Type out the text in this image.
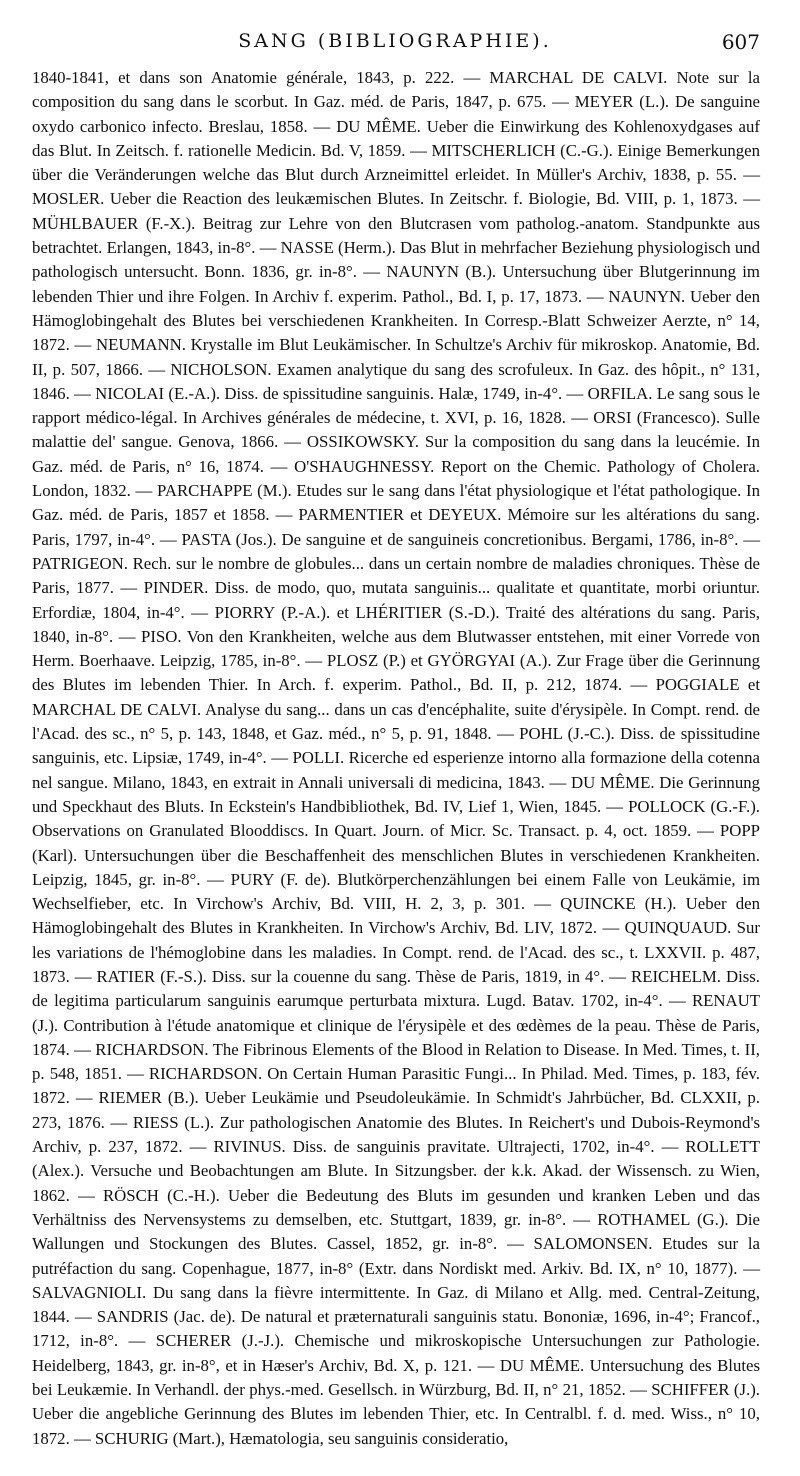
SANG (BIBLIOGRAPHIE).	607

1840-1841, et dans son Anatomie générale, 1843, p. 222. — MARCHAL DE CALVI. Note sur la composition du sang dans le scorbut. In Gaz. méd. de Paris, 1847, p. 675. — MEYER (L.). De sanguine oxydo carbonico infecto. Breslau, 1858. — DU MÊME. Ueber die Einwirkung des Kohlenoxydgases auf das Blut. In Zeitsch. f. rationelle Medicin. Bd. V, 1859. — MITSCHERLICH (C.-G.). Einige Bemerkungen über die Veränderungen welche das Blut durch Arzneimittel erleidet. In Müller's Archiv, 1838, p. 55. — MOSLER. Ueber die Reaction des leukæmischen Blutes. In Zeitschr. f. Biologie, Bd. VIII, p. 1, 1873. — MÜHLBAUER (F.-X.). Beitrag zur Lehre von den Blutcrasen vom patholog.-anatom. Standpunkte aus betrachtet. Erlangen, 1843, in-8°. — NASSE (Herm.). Das Blut in mehrfacher Beziehung physiologisch und pathologisch untersucht. Bonn. 1836, gr. in-8°. — NAUNYN (B.). Untersuchung über Blutgerinnung im lebenden Thier und ihre Folgen. In Archiv f. experim. Pathol., Bd. I, p. 17, 1873. — NAUNYN. Ueber den Hämoglobingehalt des Blutes bei verschiedenen Krankheiten. In Corresp.-Blatt Schweizer Aerzte, n° 14, 1872. — NEUMANN. Krystalle im Blut Leukämischer. In Schultze's Archiv für mikroskop. Anatomie, Bd. II, p. 507, 1866. — NICHOLSON. Examen analytique du sang des scrofuleux. In Gaz. des hôpit., n° 131, 1846. — NICOLAI (E.-A.). Diss. de spissitudine sanguinis. Halæ, 1749, in-4°. — ORFILA. Le sang sous le rapport médico-légal. In Archives générales de médecine, t. XVI, p. 16, 1828. — ORSI (Francesco). Sulle malattie del' sangue. Genova, 1866. — OSSIKOWSKY. Sur la composition du sang dans la leucémie. In Gaz. méd. de Paris, n° 16, 1874. — O'SHAUGHNESSY. Report on the Chemic. Pathology of Cholera. London, 1832. — PARCHAPPE (M.). Etudes sur le sang dans l'état physiologique et l'état pathologique. In Gaz. méd. de Paris, 1857 et 1858. — PARMENTIER et DEYEUX. Mémoire sur les altérations du sang. Paris, 1797, in-4°. — PASTA (Jos.). De sanguine et de sanguineis concretionibus. Bergami, 1786, in-8°. — PATRIGEON. Rech. sur le nombre de globules... dans un certain nombre de maladies chroniques. Thèse de Paris, 1877. — PINDER. Diss. de modo, quo, mutata sanguinis... qualitate et quantitate, morbi oriuntur. Erfordiæ, 1804, in-4°. — PIORRY (P.-A.). et LHÉRITIER (S.-D.). Traité des altérations du sang. Paris, 1840, in-8°. — PISO. Von den Krankheiten, welche aus dem Blutwasser entstehen, mit einer Vorrede von Herm. Boerhaave. Leipzig, 1785, in-8°. — PLOSZ (P.) et GYÖRGYAI (A.). Zur Frage über die Gerinnung des Blutes im lebenden Thier. In Arch. f. experim. Pathol., Bd. II, p. 212, 1874. — POGGIALE et MARCHAL DE CALVI. Analyse du sang... dans un cas d'encéphalite, suite d'érysipèle. In Compt. rend. de l'Acad. des sc., n° 5, p. 143, 1848, et Gaz. méd., n° 5, p. 91, 1848. — POHL (J.-C.). Diss. de spissitudine sanguinis, etc. Lipsiæ, 1749, in-4°. — POLLI. Ricerche ed esperienze intorno alla formazione della cotenna nel sangue. Milano, 1843, en extrait in Annali universali di medicina, 1843. — DU MÊME. Die Gerinnung und Speckhaut des Bluts. In Eckstein's Handbibliothek, Bd. IV, Lief 1, Wien, 1845. — POLLOCK (G.-F.). Observations on Granulated Blooddiscs. In Quart. Journ. of Micr. Sc. Transact. p. 4, oct. 1859. — POPP (Karl). Untersuchungen über die Beschaffenheit des menschlichen Blutes in verschiedenen Krankheiten. Leipzig, 1845, gr. in-8°. — PURY (F. de). Blutkörperchenzählungen bei einem Falle von Leukämie, im Wechselfieber, etc. In Virchow's Archiv, Bd. VIII, H. 2, 3, p. 301. — QUINCKE (H.). Ueber den Hämoglobingehalt des Blutes in Krankheiten. In Virchow's Archiv, Bd. LIV, 1872. — QUINQUAUD. Sur les variations de l'hémoglobine dans les maladies. In Compt. rend. de l'Acad. des sc., t. LXXVII. p. 487, 1873. — RATIER (F.-S.). Diss. sur la couenne du sang. Thèse de Paris, 1819, in 4°. — REICHELM. Diss. de legitima particularum sanguinis earumque perturbata mixtura. Lugd. Batav. 1702, in-4°. — RENAUT (J.). Contribution à l'étude anatomique et clinique de l'érysipèle et des œdèmes de la peau. Thèse de Paris, 1874. — RICHARDSON. The Fibrinous Elements of the Blood in Relation to Disease. In Med. Times, t. II, p. 548, 1851. — RICHARDSON. On Certain Human Parasitic Fungi... In Philad. Med. Times, p. 183, fév. 1872. — RIEMER (B.). Ueber Leukämie und Pseudoleukämie. In Schmidt's Jahrbücher, Bd. CLXXII, p. 273, 1876. — RIESS (L.). Zur pathologischen Anatomie des Blutes. In Reichert's und Dubois-Reymond's Archiv, p. 237, 1872. — RIVINUS. Diss. de sanguinis pravitate. Ultrajecti, 1702, in-4°. — ROLLETT (Alex.). Versuche und Beobachtungen am Blute. In Sitzungsber. der k.k. Akad. der Wissensch. zu Wien, 1862. — RÖSCH (C.-H.). Ueber die Bedeutung des Bluts im gesunden und kranken Leben und das Verhältniss des Nervensystems zu demselben, etc. Stuttgart, 1839, gr. in-8°. — ROTHAMEL (G.). Die Wallungen und Stockungen des Blutes. Cassel, 1852, gr. in-8°. — SALOMONSEN. Etudes sur la putréfaction du sang. Copenhague, 1877, in-8° (Extr. dans Nordiskt med. Arkiv. Bd. IX, n° 10, 1877). — SALVAGNIOLI. Du sang dans la fièvre intermittente. In Gaz. di Milano et Allg. med. Central-Zeitung, 1844. — SANDRIS (Jac. de). De natural et præternaturali sanguinis statu. Bononiæ, 1696, in-4°; Francof., 1712, in-8°. — SCHERER (J.-J.). Chemische und mikroskopische Untersuchungen zur Pathologie. Heidelberg, 1843, gr. in-8°, et in Hæser's Archiv, Bd. X, p. 121. — DU MÊME. Untersuchung des Blutes bei Leukæmie. In Verhandl. der phys.-med. Gesellsch. in Würzburg, Bd. II, n° 21, 1852. — SCHIFFER (J.). Ueber die angebliche Gerinnung des Blutes im lebenden Thier, etc. In Centralbl. f. d. med. Wiss., n° 10, 1872. — SCHURIG (Mart.), Hæmatologia, seu sanguinis consideratio,
